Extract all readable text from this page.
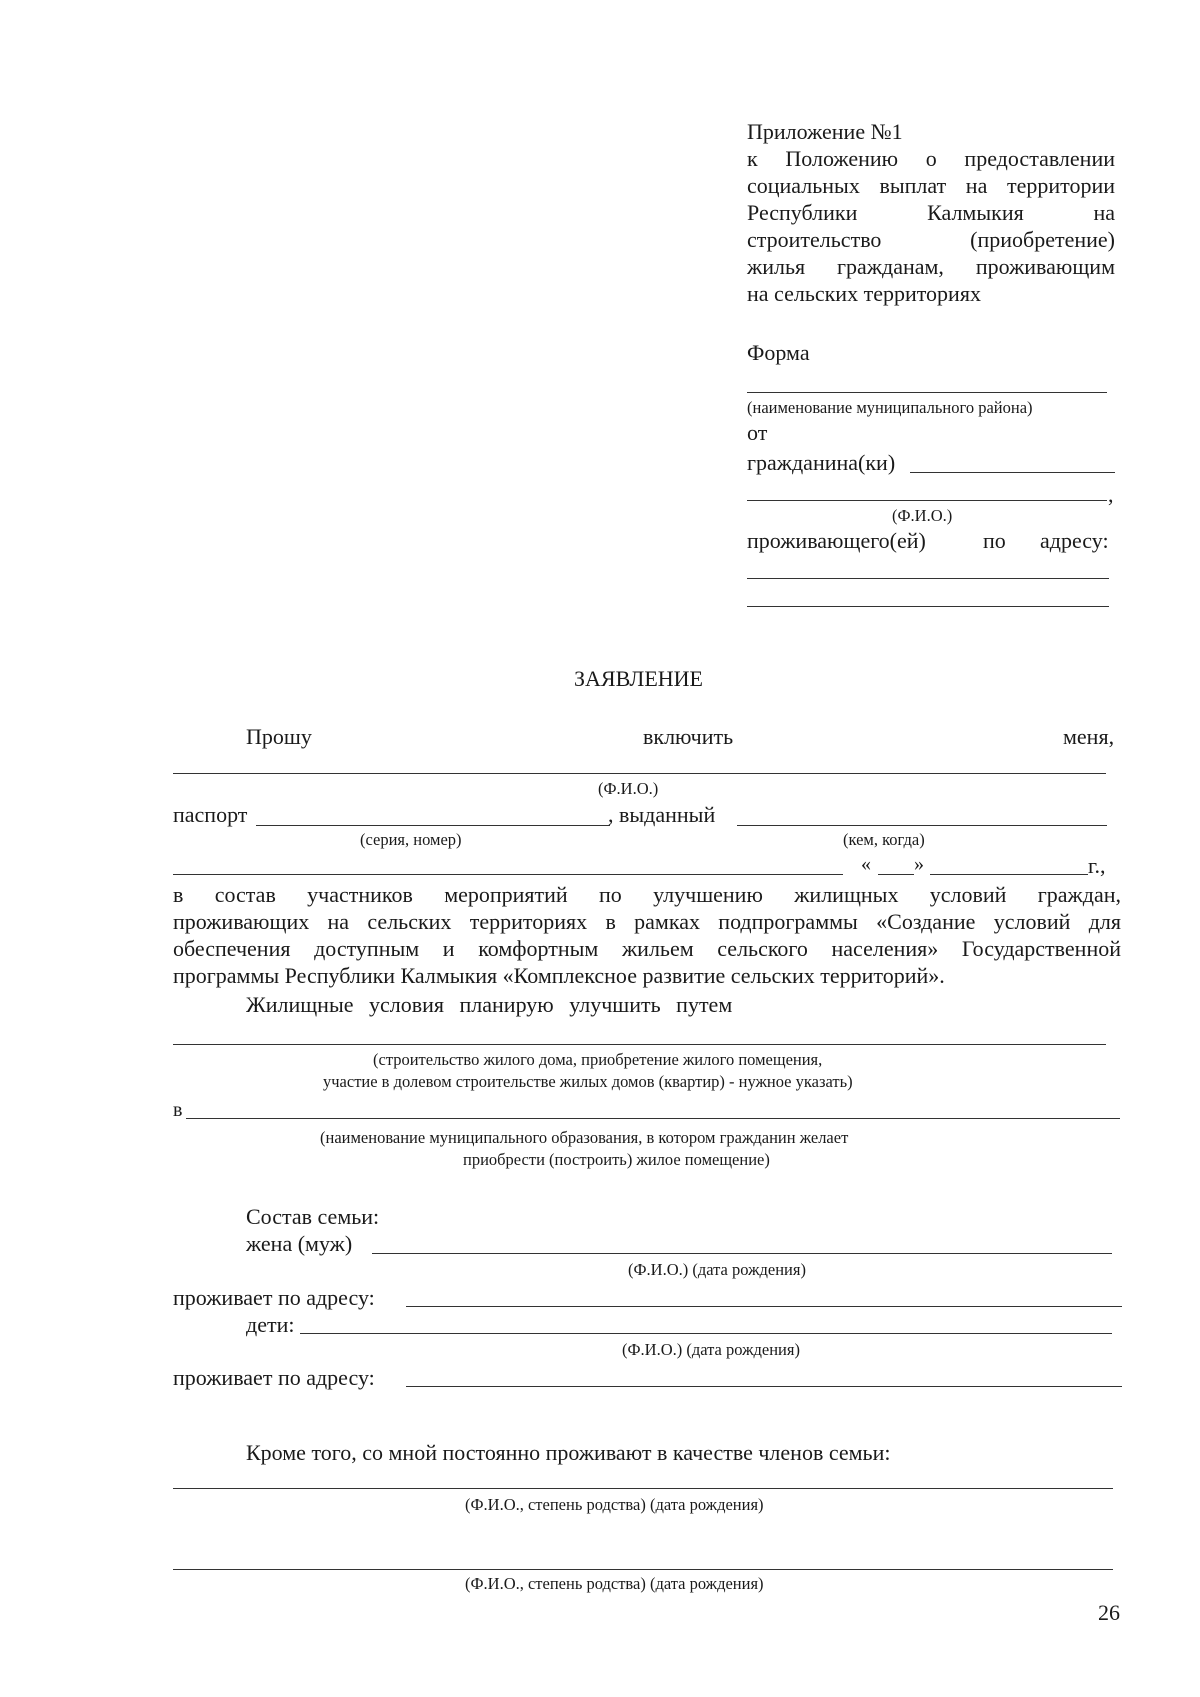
Приложение №1
к Положению о предоставлении
социальных выплат на территории
Республики Калмыкия на
строительство (приобретение)
жилья гражданам, проживающим
на сельских территориях
Форма
(наименование муниципального района)
от
гражданина(ки)
,
(Ф.И.О.)
проживающего(ей)	по адресу:
ЗАЯВЛЕНИЕ
Прошу	включить	меня,
(Ф.И.О.)
паспорт	, выданный
(серия, номер)	(кем, когда)
« »	г.,
в состав участников мероприятий по улучшению жилищных условий граждан,
проживающих на сельских территориях в рамках подпрограммы «Создание условий для
обеспечения доступным и комфортным жильем сельского населения» Государственной
программы Республики Калмыкия «Комплексное развитие сельских территорий».
Жилищные условия планирую улучшить путем
(строительство жилого дома, приобретение жилого помещения,
участие в долевом строительстве жилых домов (квартир) - нужное указать)
в
(наименование муниципального образования, в котором гражданин желает
приобрести (построить) жилое помещение)
Состав семьи:
жена (муж)
(Ф.И.О.) (дата рождения)
проживает по адресу:
дети:
(Ф.И.О.) (дата рождения)
проживает по адресу:
Кроме того, со мной постоянно проживают в качестве членов семьи:
(Ф.И.О., степень родства) (дата рождения)
(Ф.И.О., степень родства) (дата рождения)
26
